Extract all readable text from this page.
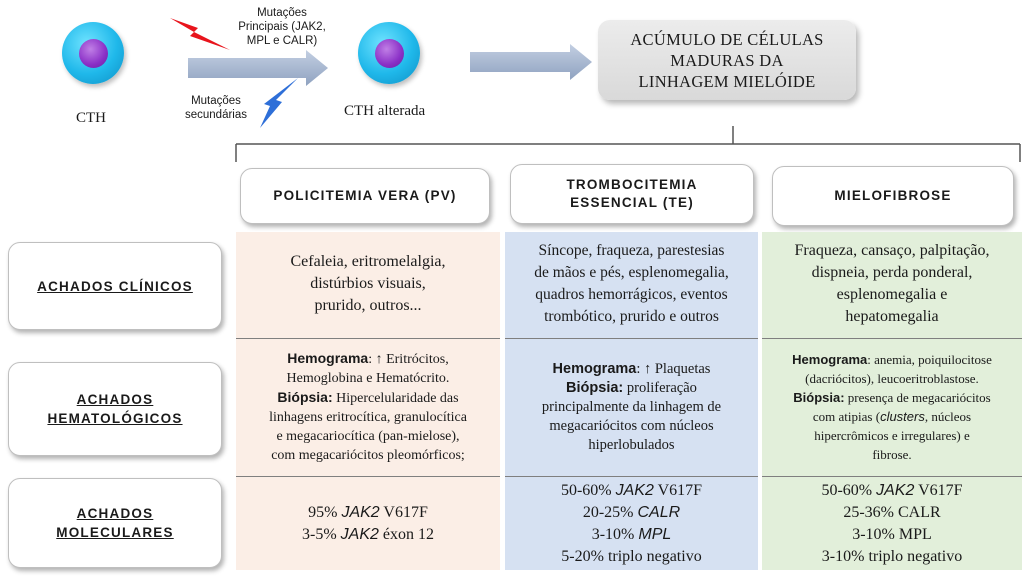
CTH
Mutações
Principais (JAK2,
MPL e CALR)
Mutações
secundárias	CTH alterada
ACÚMULO DE CÉLULAS
MADURAS DA
LINHAGEM MIELÓIDE
POLICITEMIA VERA (PV)
TROMBOCITEMIA
ESSENCIAL (TE)	MIELOFIBROSE
ACHADOS CLÍNICOS
ACHADOS
HEMATOLÓGICOS
ACHADOS
MOLECULARES
Cefaleia, eritromelalgia,
distúrbios visuais,
prurido, outros...
Hemograma: ↑ Eritrócitos,
Hemoglobina e Hematócrito.
Biópsia: Hipercelularidade das
linhagens eritrocítica, granulocítica
e megacariocítica (pan-mielose),
com megacariócitos pleomórficos;
95% JAK2 V617F
3-5% JAK2 éxon 12
Síncope, fraqueza, parestesias
de mãos e pés, esplenomegalia,
quadros hemorrágicos, eventos
trombótico, prurido e outros
Hemograma: ↑ Plaquetas
Biópsia: proliferação
principalmente da linhagem de
megacariócitos com núcleos
hiperlobulados
50-60% JAK2 V617F
20-25% CALR
3-10% MPL
5-20% triplo negativo
Fraqueza, cansaço, palpitação,
dispneia, perda ponderal,
esplenomegalia e
hepatomegalia
Hemograma: anemia, poiquilocitose
(dacriócitos), leucoeritroblastose.
Biópsia: presença de megacariócitos
com atipias (clusters, núcleos
hipercrômicos e irregulares) e
fibrose.
50-60% JAK2 V617F
25-36% CALR
3-10% MPL
3-10% triplo negativo
